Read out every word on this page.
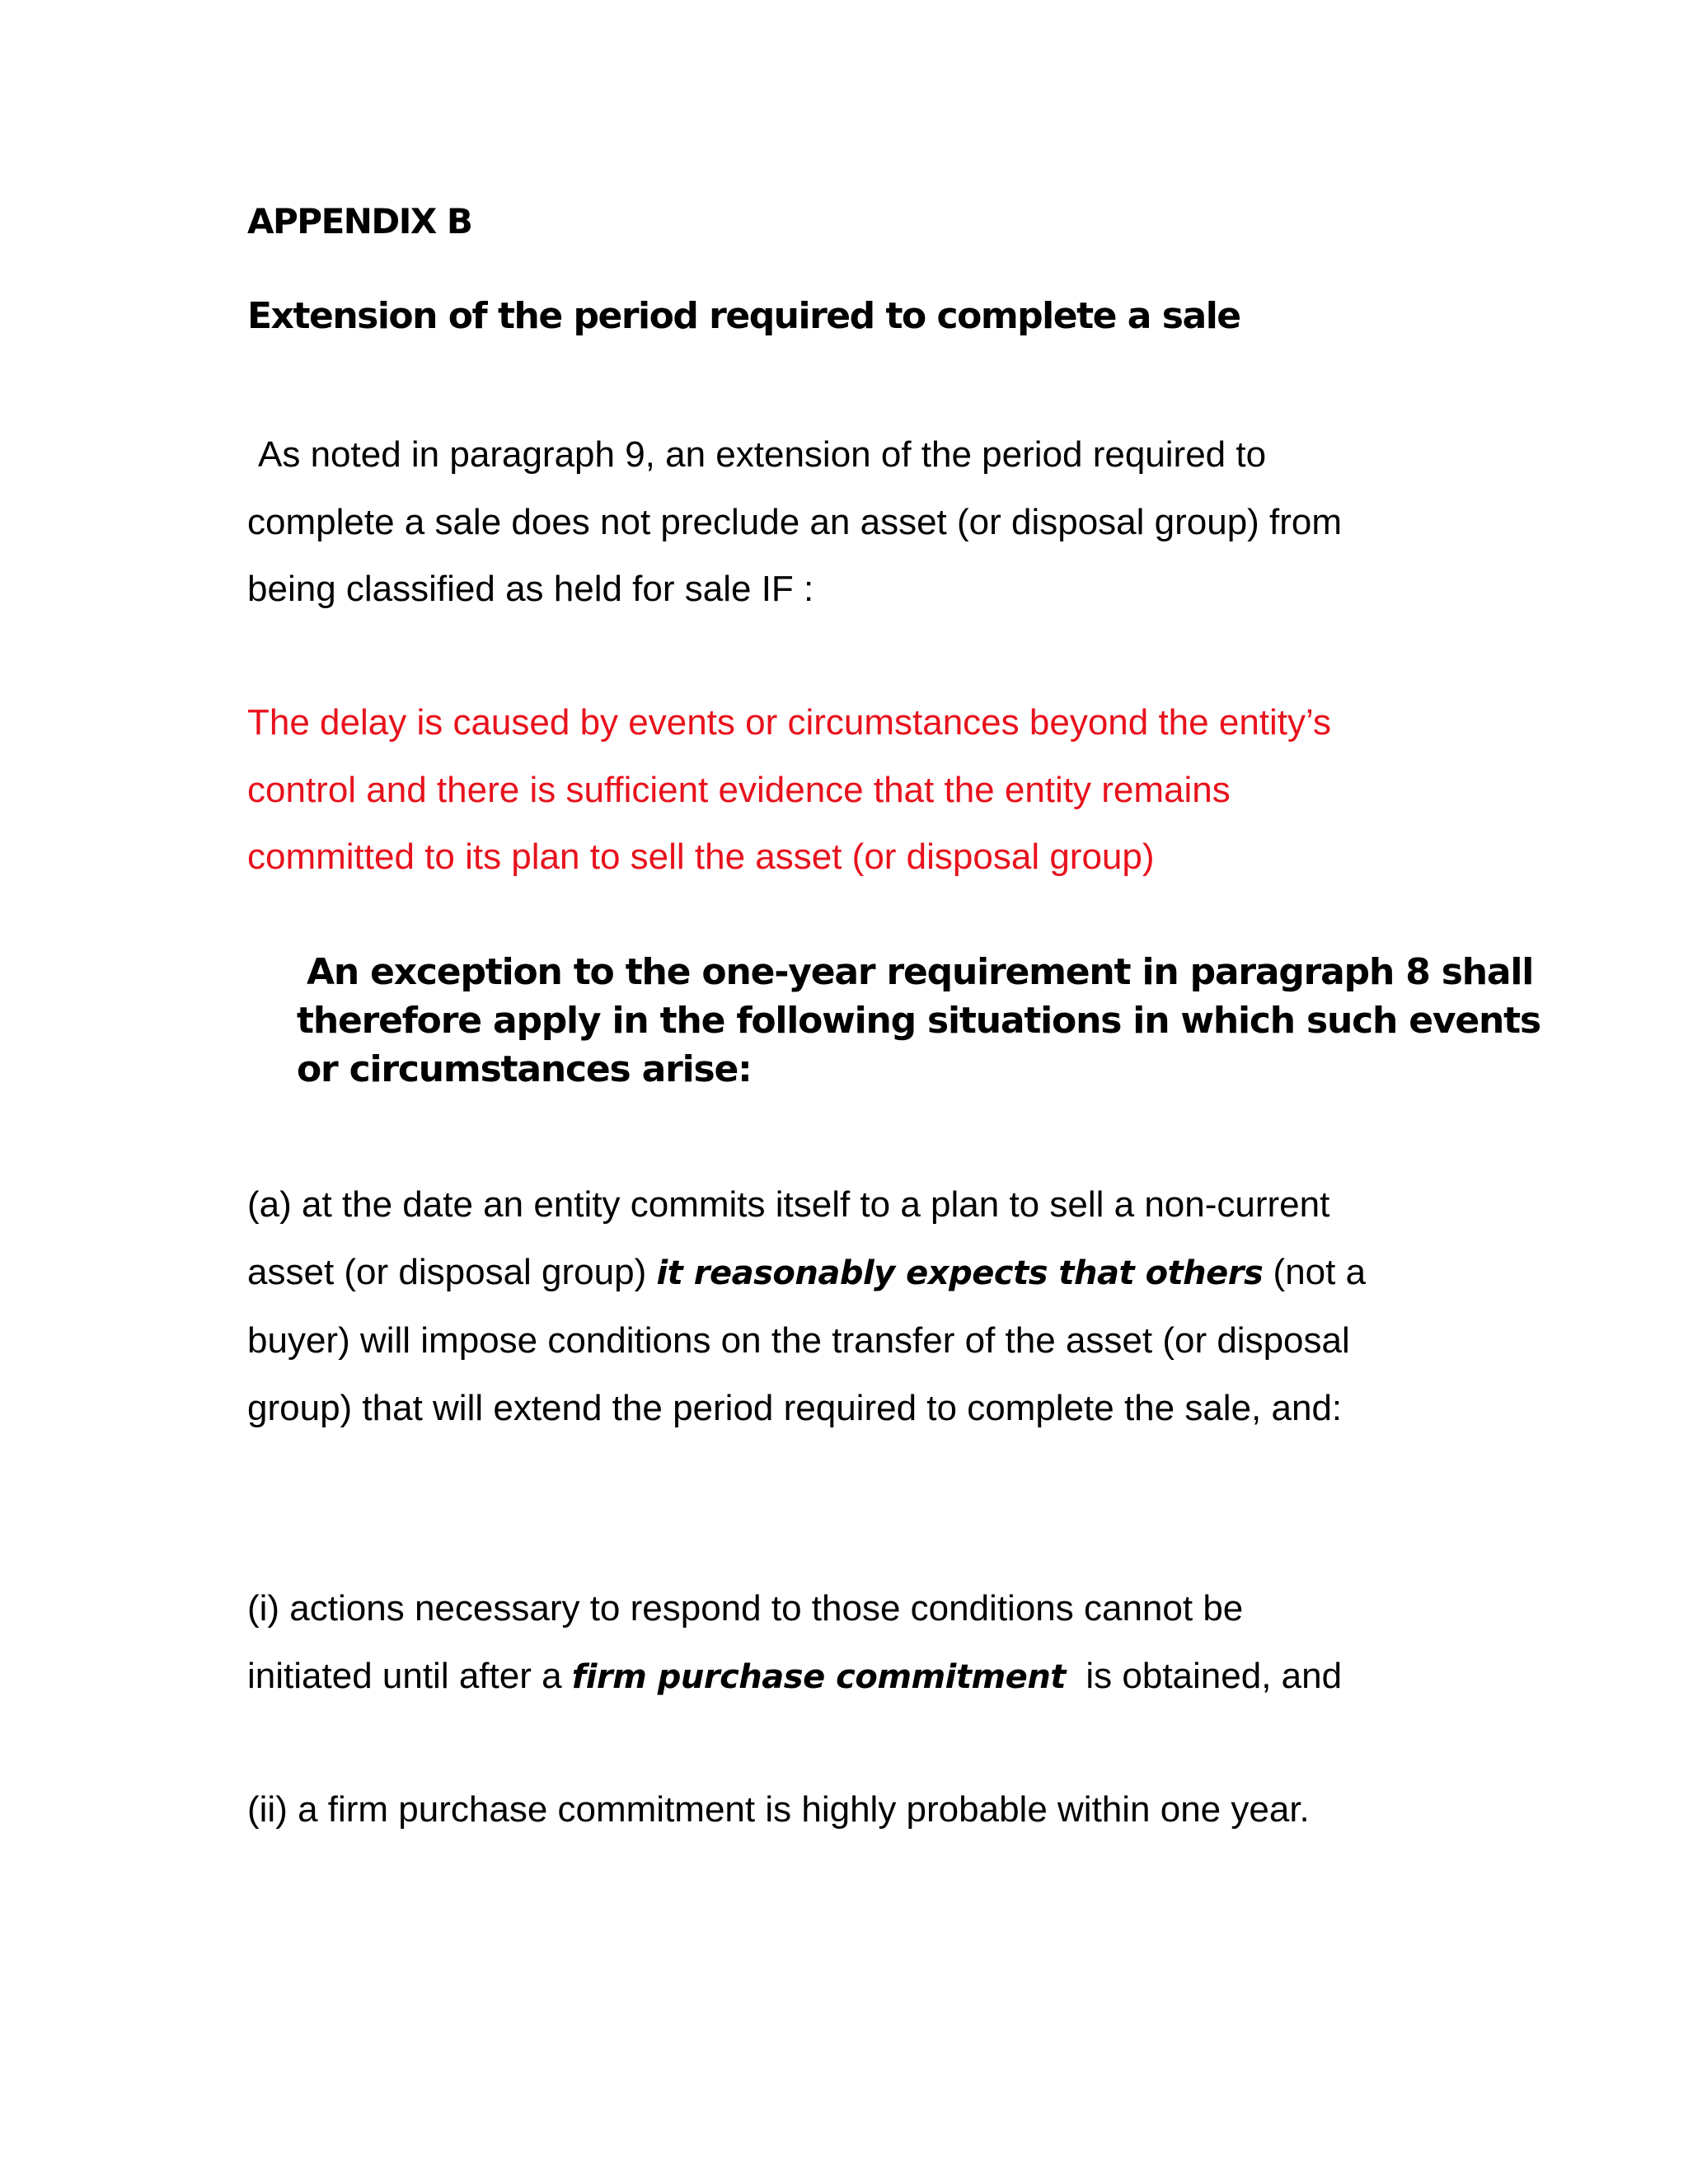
APPENDIX B
Extension of the period required to complete a sale

As noted in paragraph 9, an extension of the period required to
complete a sale does not preclude an asset (or disposal group) from
being classified as held for sale IF :

The delay is caused by events or circumstances beyond the entity’s
control and there is sufficient evidence that the entity remains
committed to its plan to sell the asset (or disposal group)

An exception to the one-year requirement in paragraph 8 shall
therefore apply in the following situations in which such events
or circumstances arise:

(a) at the date an entity commits itself to a plan to sell a non-current
asset (or disposal group) it reasonably expects that others (not a
buyer) will impose conditions on the transfer of the asset (or disposal
group) that will extend the period required to complete the sale, and:

(i) actions necessary to respond to those conditions cannot be
initiated until after a firm purchase commitment  is obtained, and

(ii) a firm purchase commitment is highly probable within one year.
